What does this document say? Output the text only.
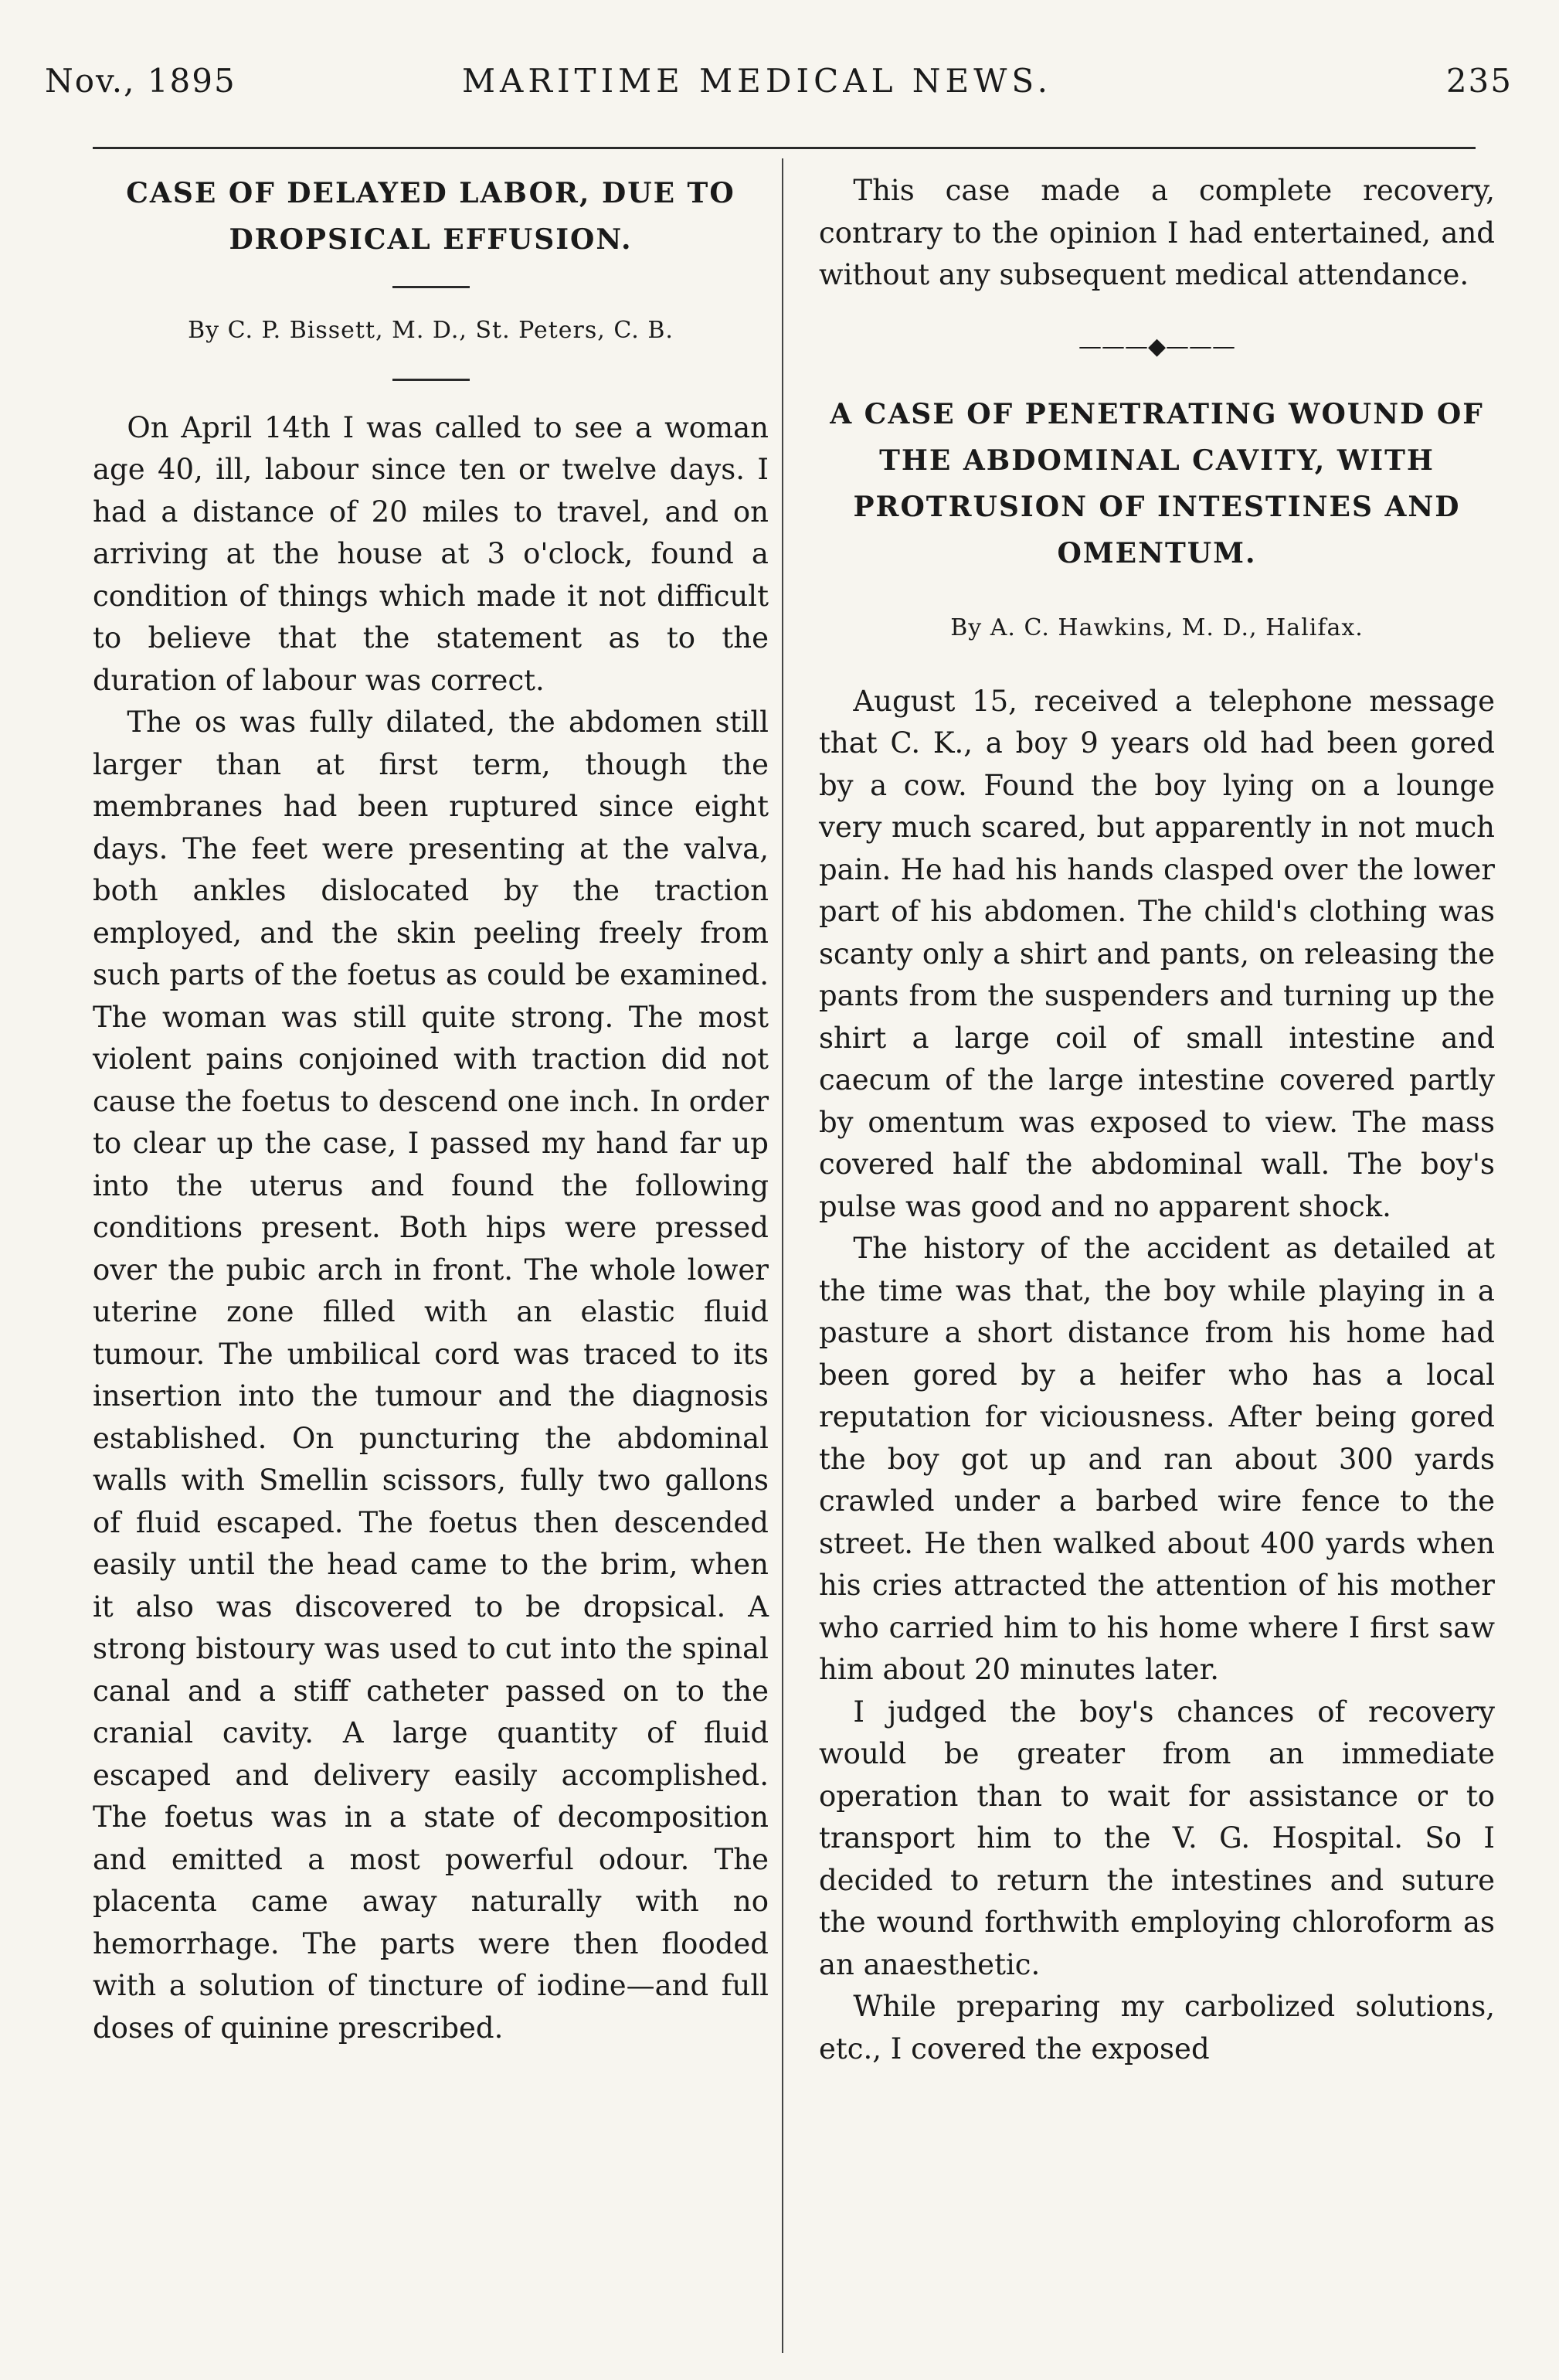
Nov., 1895	MARITIME MEDICAL NEWS.	235
CASE OF DELAYED LABOR, DUE TO DROPSICAL EFFUSION.
By C. P. Bissett, M. D., St. Peters, C. B.

On April 14th I was called to see a woman age 40, ill, labour since ten or twelve days. I had a distance of 20 miles to travel, and on arriving at the house at 3 o'clock, found a condition of things which made it not difficult to believe that the statement as to the duration of labour was correct.

The os was fully dilated, the abdomen still larger than at first term, though the membranes had been ruptured since eight days. The feet were presenting at the valva, both ankles dislocated by the traction employed, and the skin peeling freely from such parts of the foetus as could be examined. The woman was still quite strong. The most violent pains conjoined with traction did not cause the foetus to descend one inch. In order to clear up the case, I passed my hand far up into the uterus and found the following conditions present. Both hips were pressed over the pubic arch in front. The whole lower uterine zone filled with an elastic fluid tumour. The umbilical cord was traced to its insertion into the tumour and the diagnosis established. On puncturing the abdominal walls with Smellin scissors, fully two gallons of fluid escaped. The foetus then descended easily until the head came to the brim, when it also was discovered to be dropsical. A strong bistoury was used to cut into the spinal canal and a stiff catheter passed on to the cranial cavity. A large quantity of fluid escaped and delivery easily accomplished. The foetus was in a state of decomposition and emitted a most powerful odour. The placenta came away naturally with no hemorrhage. The parts were then flooded with a solution of tincture of iodine—and full doses of quinine prescribed.

This case made a complete recovery, contrary to the opinion I had entertained, and without any subsequent medical attendance.

———◆———
A CASE OF PENETRATING WOUND OF THE ABDOMINAL CAVITY, WITH PROTRUSION OF INTESTINES AND OMENTUM.
By A. C. Hawkins, M. D., Halifax.

August 15, received a telephone message that C. K., a boy 9 years old had been gored by a cow. Found the boy lying on a lounge very much scared, but apparently in not much pain. He had his hands clasped over the lower part of his abdomen. The child's clothing was scanty only a shirt and pants, on releasing the pants from the suspenders and turning up the shirt a large coil of small intestine and caecum of the large intestine covered partly by omentum was exposed to view. The mass covered half the abdominal wall. The boy's pulse was good and no apparent shock.

The history of the accident as detailed at the time was that, the boy while playing in a pasture a short distance from his home had been gored by a heifer who has a local reputation for viciousness. After being gored the boy got up and ran about 300 yards crawled under a barbed wire fence to the street. He then walked about 400 yards when his cries attracted the attention of his mother who carried him to his home where I first saw him about 20 minutes later.

I judged the boy's chances of recovery would be greater from an immediate operation than to wait for assistance or to transport him to the V. G. Hospital. So I decided to return the intestines and suture the wound forthwith employing chloroform as an anaesthetic.

While preparing my carbolized solutions, etc., I covered the exposed
